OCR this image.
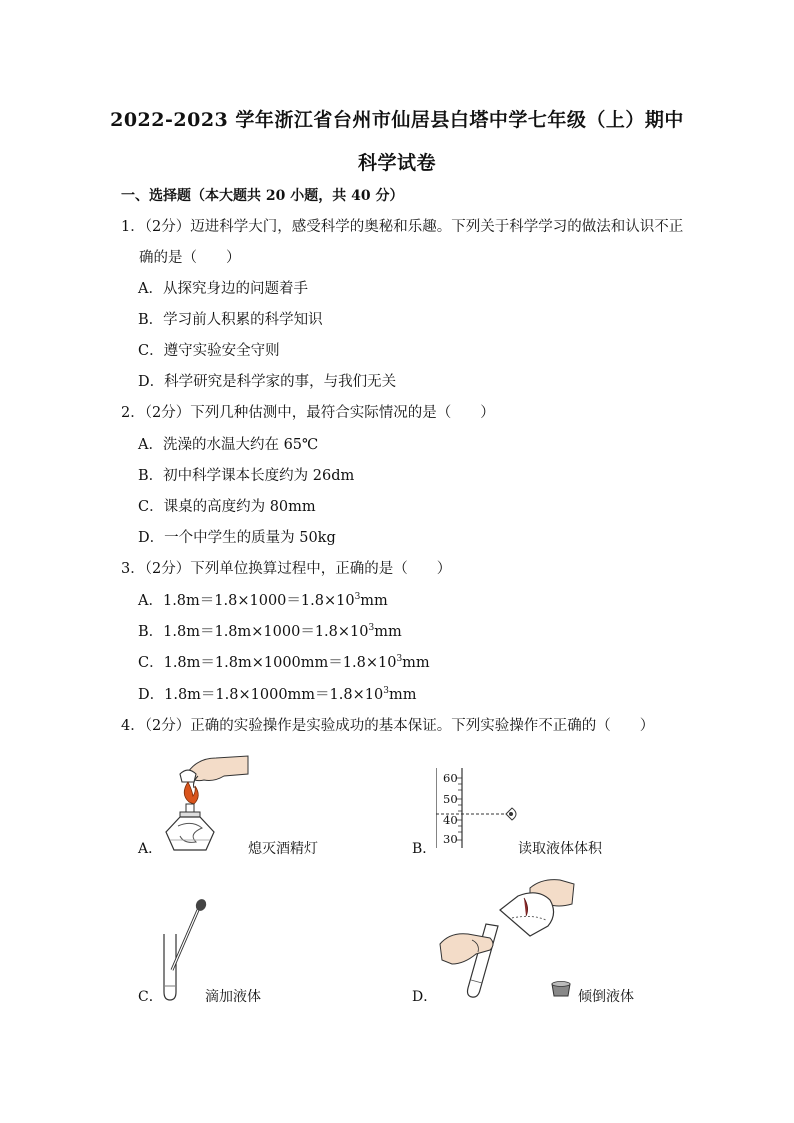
2022-2023 学年浙江省台州市仙居县白塔中学七年级（上）期中
科学试卷
一、选择题（本大题共 20 小题，共 40 分）
1．（2分）迈进科学大门，感受科学的奥秘和乐趣。下列关于科学学习的做法和认识不正
确的是（　　）
A．从探究身边的问题着手
B．学习前人积累的科学知识
C．遵守实验安全守则
D．科学研究是科学家的事，与我们无关
2．（2分）下列几种估测中，最符合实际情况的是（　　）
A．洗澡的水温大约在 65℃
B．初中科学课本长度约为 26dm
C．课桌的高度约为 80mm
D．一个中学生的质量为 50kg
3．（2分）下列单位换算过程中，正确的是（　　）
A．$1.8m=1.8\times 1000=1.8\times 10^3mm$
B．$1.8m=1.8m\times 1000=1.8\times 10^3mm$
C．$1.8m=1.8m\times 1000mm=1.8\times 10^3mm$
D．$1.8m=1.8\times 1000mm=1.8\times 10^3mm$
4．（2分）正确的实验操作是实验成功的基本保证。下列实验操作不正确的（　　）
A．	熄灭酒精灯
60
50
40
30
B．	读取液体体积
C．	滴加液体	D．	倾倒液体
